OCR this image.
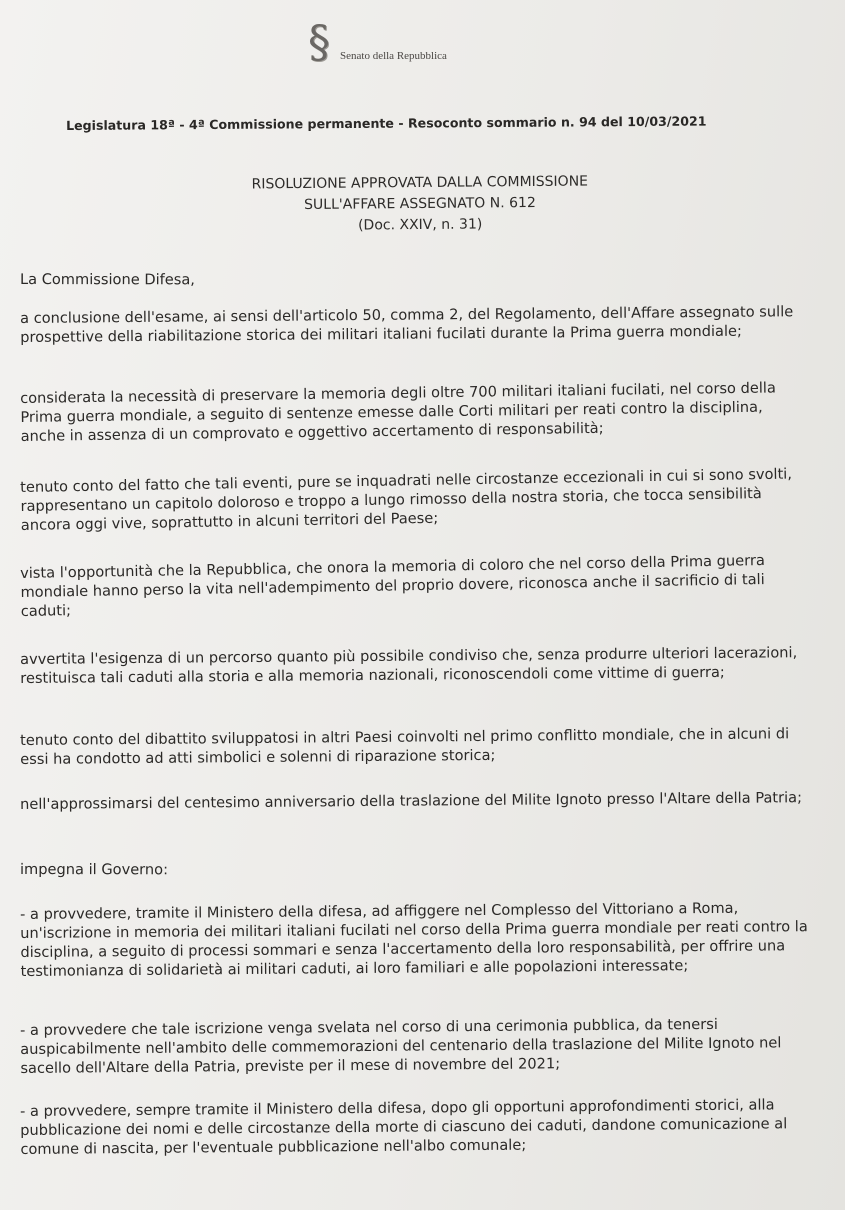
§ Senato della Repubblica
Legislatura 18ª - 4ª Commissione permanente - Resoconto sommario n. 94 del 10/03/2021
RISOLUZIONE APPROVATA DALLA COMMISSIONE
SULL'AFFARE ASSEGNATO N. 612
(Doc. XXIV, n. 31)
La Commissione Difesa,
a conclusione dell'esame, ai sensi dell'articolo 50, comma 2, del Regolamento, dell'Affare assegnato sulle prospettive della riabilitazione storica dei militari italiani fucilati durante la Prima guerra mondiale;
considerata la necessità di preservare la memoria degli oltre 700 militari italiani fucilati, nel corso della Prima guerra mondiale, a seguito di sentenze emesse dalle Corti militari per reati contro la disciplina, anche in assenza di un comprovato e oggettivo accertamento di responsabilità;
tenuto conto del fatto che tali eventi, pure se inquadrati nelle circostanze eccezionali in cui si sono svolti, rappresentano un capitolo doloroso e troppo a lungo rimosso della nostra storia, che tocca sensibilità ancora oggi vive, soprattutto in alcuni territori del Paese;
vista l'opportunità che la Repubblica, che onora la memoria di coloro che nel corso della Prima guerra mondiale hanno perso la vita nell'adempimento del proprio dovere, riconosca anche il sacrificio di tali caduti;
avvertita l'esigenza di un percorso quanto più possibile condiviso che, senza produrre ulteriori lacerazioni, restituisca tali caduti alla storia e alla memoria nazionali, riconoscendoli come vittime di guerra;
tenuto conto del dibattito sviluppatosi in altri Paesi coinvolti nel primo conflitto mondiale, che in alcuni di essi ha condotto ad atti simbolici e solenni di riparazione storica;
nell'approssimarsi del centesimo anniversario della traslazione del Milite Ignoto presso l'Altare della Patria;
impegna il Governo:
- a provvedere, tramite il Ministero della difesa, ad affiggere nel Complesso del Vittoriano a Roma, un'iscrizione in memoria dei militari italiani fucilati nel corso della Prima guerra mondiale per reati contro la disciplina, a seguito di processi sommari e senza l'accertamento della loro responsabilità, per offrire una testimonianza di solidarietà ai militari caduti, ai loro familiari e alle popolazioni interessate;
- a provvedere che tale iscrizione venga svelata nel corso di una cerimonia pubblica, da tenersi auspicabilmente nell'ambito delle commemorazioni del centenario della traslazione del Milite Ignoto nel sacello dell'Altare della Patria, previste per il mese di novembre del 2021;
- a provvedere, sempre tramite il Ministero della difesa, dopo gli opportuni approfondimenti storici, alla pubblicazione dei nomi e delle circostanze della morte di ciascuno dei caduti, dandone comunicazione al comune di nascita, per l'eventuale pubblicazione nell'albo comunale;
